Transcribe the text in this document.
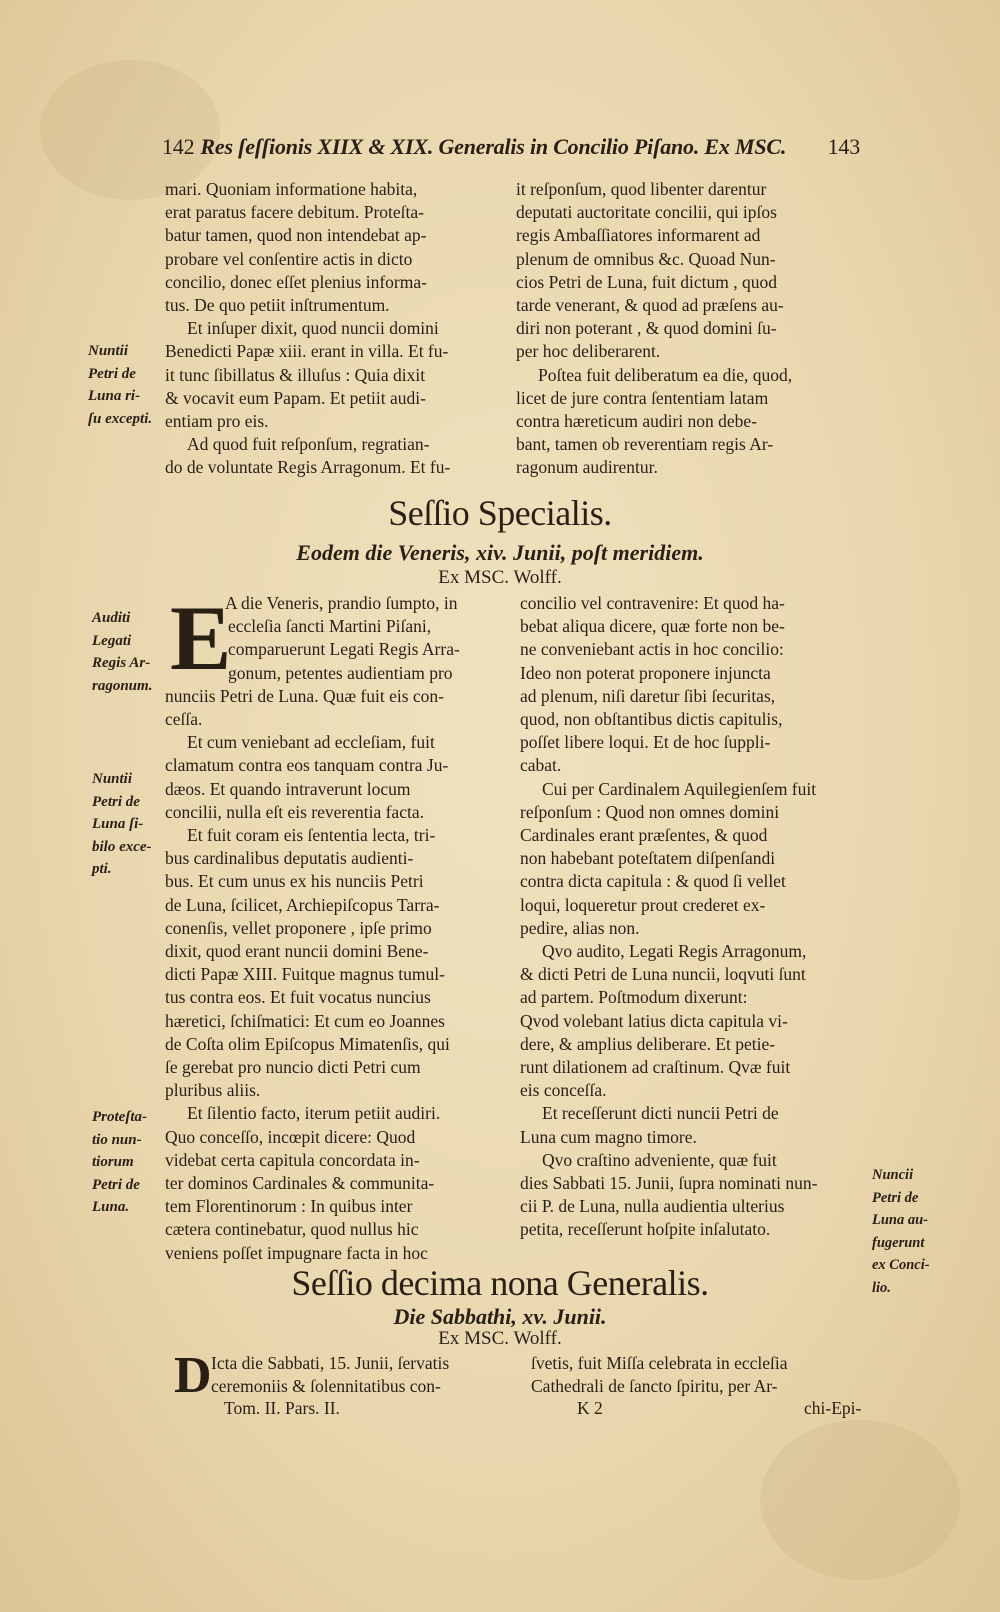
142 Res ſeſſionis XIIX & XIX. Generalis in Concilio Piſano. Ex MSC.	143

mari. Quoniam informatione habita,

erat paratus facere debitum. Proteſta-

batur tamen, quod non intendebat ap-

probare vel conſentire actis in dicto

concilio, donec eſſet plenius informa-

tus. De quo petiit inſtrumentum.

Et inſuper dixit, quod nuncii domini

Benedicti Papæ xiii. erant in villa. Et fu-

it tunc ſibillatus & illuſus : Quia dixit

& vocavit eum Papam. Et petiit audi-

entiam pro eis.

Ad quod fuit reſponſum, regratian-

do de voluntate Regis Arragonum. Et fu-

it reſponſum, quod libenter darentur

deputati auctoritate concilii, qui ipſos

regis Ambaſſiatores informarent ad

plenum de omnibus &c. Quoad Nun-

cios Petri de Luna, fuit dictum , quod

tarde venerant, & quod ad præſens au-

diri non poterant , & quod domini ſu-

per hoc deliberarent.

Poſtea fuit deliberatum ea die, quod,

licet de jure contra ſententiam latam

contra hæreticum audiri non debe-

bant, tamen ob reverentiam regis Ar-

ragonum audirentur.

Nuntii

Petri de

Luna ri-

ſu excepti.

Seſſio Specialis.
Eodem die Veneris, xiv. Junii, poſt meridiem.
Ex MSC. Wolff.

Auditi

Legati

Regis Ar-

ragonum.

Nuntii

Petri de

Luna ſi-

bilo exce-

pti.

Proteſta-

tio nun-

tiorum

Petri de

Luna.

Nuncii

Petri de

Luna au-

fugerunt

ex Conci-

lio.

E

A die Veneris, prandio ſumpto, in

eccleſia ſancti Martini Piſani,

comparuerunt Legati Regis Arra-

gonum, petentes audientiam pro

nunciis Petri de Luna. Quæ fuit eis con-

ceſſa.

Et cum veniebant ad eccleſiam, fuit

clamatum contra eos tanquam contra Ju-

dæos. Et quando intraverunt locum

concilii, nulla eſt eis reverentia facta.

Et fuit coram eis ſententia lecta, tri-

bus cardinalibus deputatis audienti-

bus. Et cum unus ex his nunciis Petri

de Luna, ſcilicet, Archiepiſcopus Tarra-

conenſis, vellet proponere , ipſe primo

dixit, quod erant nuncii domini Bene-

dicti Papæ XIII. Fuitque magnus tumul-

tus contra eos. Et fuit vocatus nuncius

hæretici, ſchiſmatici: Et cum eo Joannes

de Coſta olim Epiſcopus Mimatenſis, qui

ſe gerebat pro nuncio dicti Petri cum

pluribus aliis.

Et ſilentio facto, iterum petiit audiri.

Quo conceſſo, incœpit dicere: Quod

videbat certa capitula concordata in-

ter dominos Cardinales & communita-

tem Florentinorum : In quibus inter

cætera continebatur, quod nullus hic

veniens poſſet impugnare facta in hoc

concilio vel contravenire: Et quod ha-

bebat aliqua dicere, quæ forte non be-

ne conveniebant actis in hoc concilio:

Ideo non poterat proponere injuncta

ad plenum, niſi daretur ſibi ſecuritas,

quod, non obſtantibus dictis capitulis,

poſſet libere loqui. Et de hoc ſuppli-

cabat.

Cui per Cardinalem Aquilegienſem fuit

reſponſum : Quod non omnes domini

Cardinales erant præſentes, & quod

non habebant poteſtatem diſpenſandi

contra dicta capitula : & quod ſi vellet

loqui, loqueretur prout crederet ex-

pedire, alias non.

Qvo audito, Legati Regis Arragonum,

& dicti Petri de Luna nuncii, loqvuti ſunt

ad partem. Poſtmodum dixerunt:

Qvod volebant latius dicta capitula vi-

dere, & amplius deliberare. Et petie-

runt dilationem ad craſtinum. Qvæ fuit

eis conceſſa.

Et receſſerunt dicti nuncii Petri de

Luna cum magno timore.

Qvo craſtino adveniente, quæ fuit

dies Sabbati 15. Junii, ſupra nominati nun-

cii P. de Luna, nulla audientia ulterius

petita, receſſerunt hoſpite inſalutato.

Seſſio decima nona Generalis.
Die Sabbathi, xv. Junii.
Ex MSC. Wolff.
D Icta die Sabbati, 15. Junii, ſervatis

ceremoniis & ſolennitatibus con-

ſvetis, fuit Miſſa celebrata in eccleſia

Cathedrali de ſancto ſpiritu, per Ar-

Tom. II. Pars. II.	K 2	chi-Epi-
